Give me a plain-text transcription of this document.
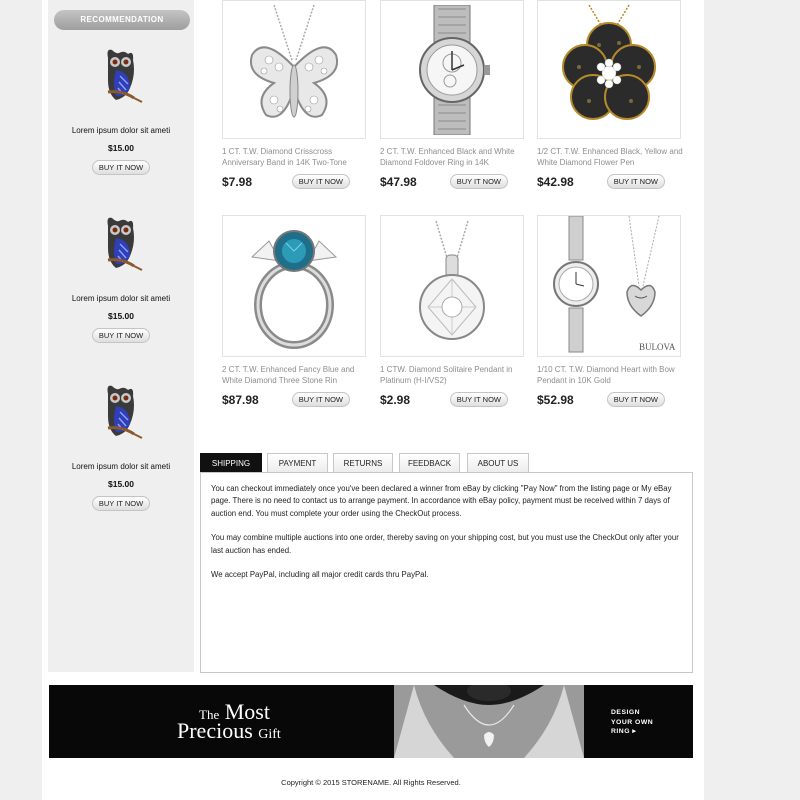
RECOMMENDATION
Lorem ipsum dolor sit ameti
$15.00
BUY IT NOW
Lorem ipsum dolor sit ameti
$15.00
BUY IT NOW
Lorem ipsum dolor sit ameti
$15.00
BUY IT NOW
1 CT. T.W. Diamond Crisscross Anniversary Band in 14K Two-Tone
$7.98	BUY IT NOW
2 CT. T.W. Enhanced Black and White Diamond Foldover Ring in 14K
$47.98	BUY IT NOW
1/2 CT. T.W. Enhanced Black, Yellow and White Diamond Flower Pen
$42.98	BUY IT NOW
2 CT. T.W. Enhanced Fancy Blue and White Diamond Three Stone Rin
$87.98	BUY IT NOW
1 CTW. Diamond Solitaire Pendant in Platinum (H-I/VS2)
$2.98	BUY IT NOW
BULOVA
1/10 CT. T.W. Diamond Heart with Bow Pendant in 10K Gold
$52.98	BUY IT NOW
SHIPPING	PAYMENT	RETURNS	FEEDBACK	ABOUT US

You can checkout immediately once you've been declared a winner from eBay by clicking "Pay Now" from the listing page or My eBay page. There is no need to contact us to arrange payment. In accordance with eBay policy, payment must be received within 7 days of auction end. You must complete your order using the CheckOut process.

You may combine multiple auctions into one order, thereby saving on your shipping cost, but you must use the CheckOut only after your last auction has ended.

We accept PayPal, including all major credit cards thru PayPal.

The Most
Precious Gift
DESIGN
YOUR OWN
RING ▸
Copyright © 2015 STORENAME. All Rights Reserved.
